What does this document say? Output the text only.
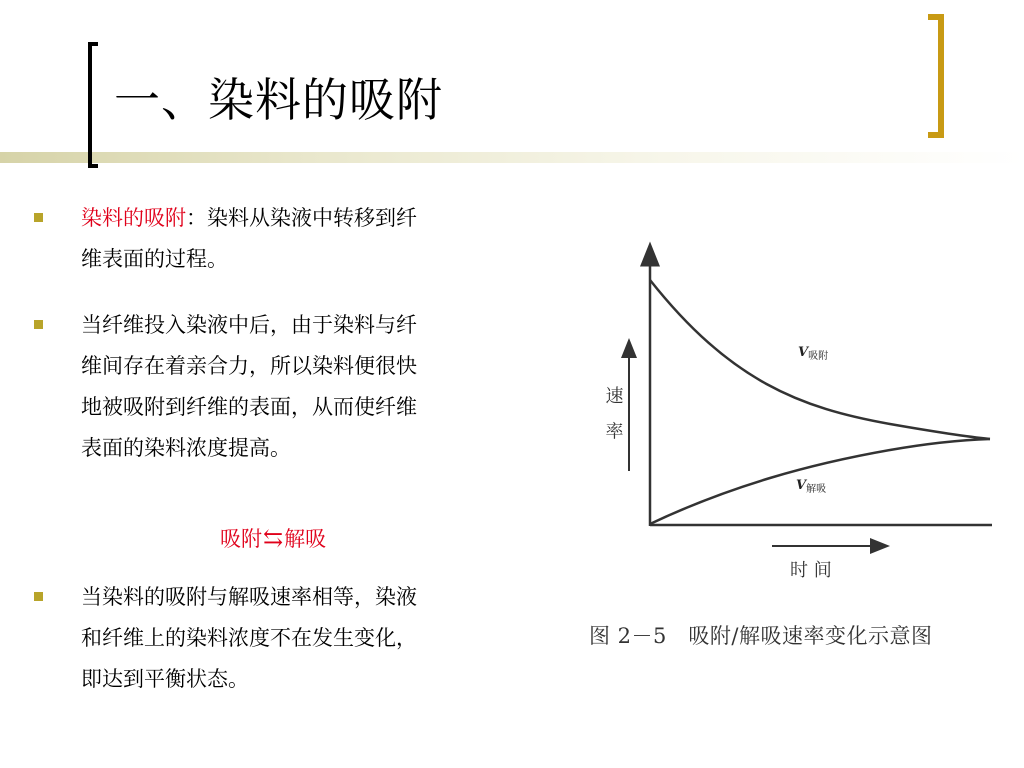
一、染料的吸附
染料的吸附：染料从染液中转移到纤
维表面的过程。
当纤维投入染液中后，由于染料与纤
维间存在着亲合力，所以染料便很快
地被吸附到纤维的表面，从而使纤维
表面的染料浓度提高。
当染料的吸附与解吸速率相等，染液
和纤维上的染料浓度不在发生变化，
即达到平衡状态。
吸附⇆解吸
速 率
时 间
V吸附
V解吸
图 2－5　吸附/解吸速率变化示意图
